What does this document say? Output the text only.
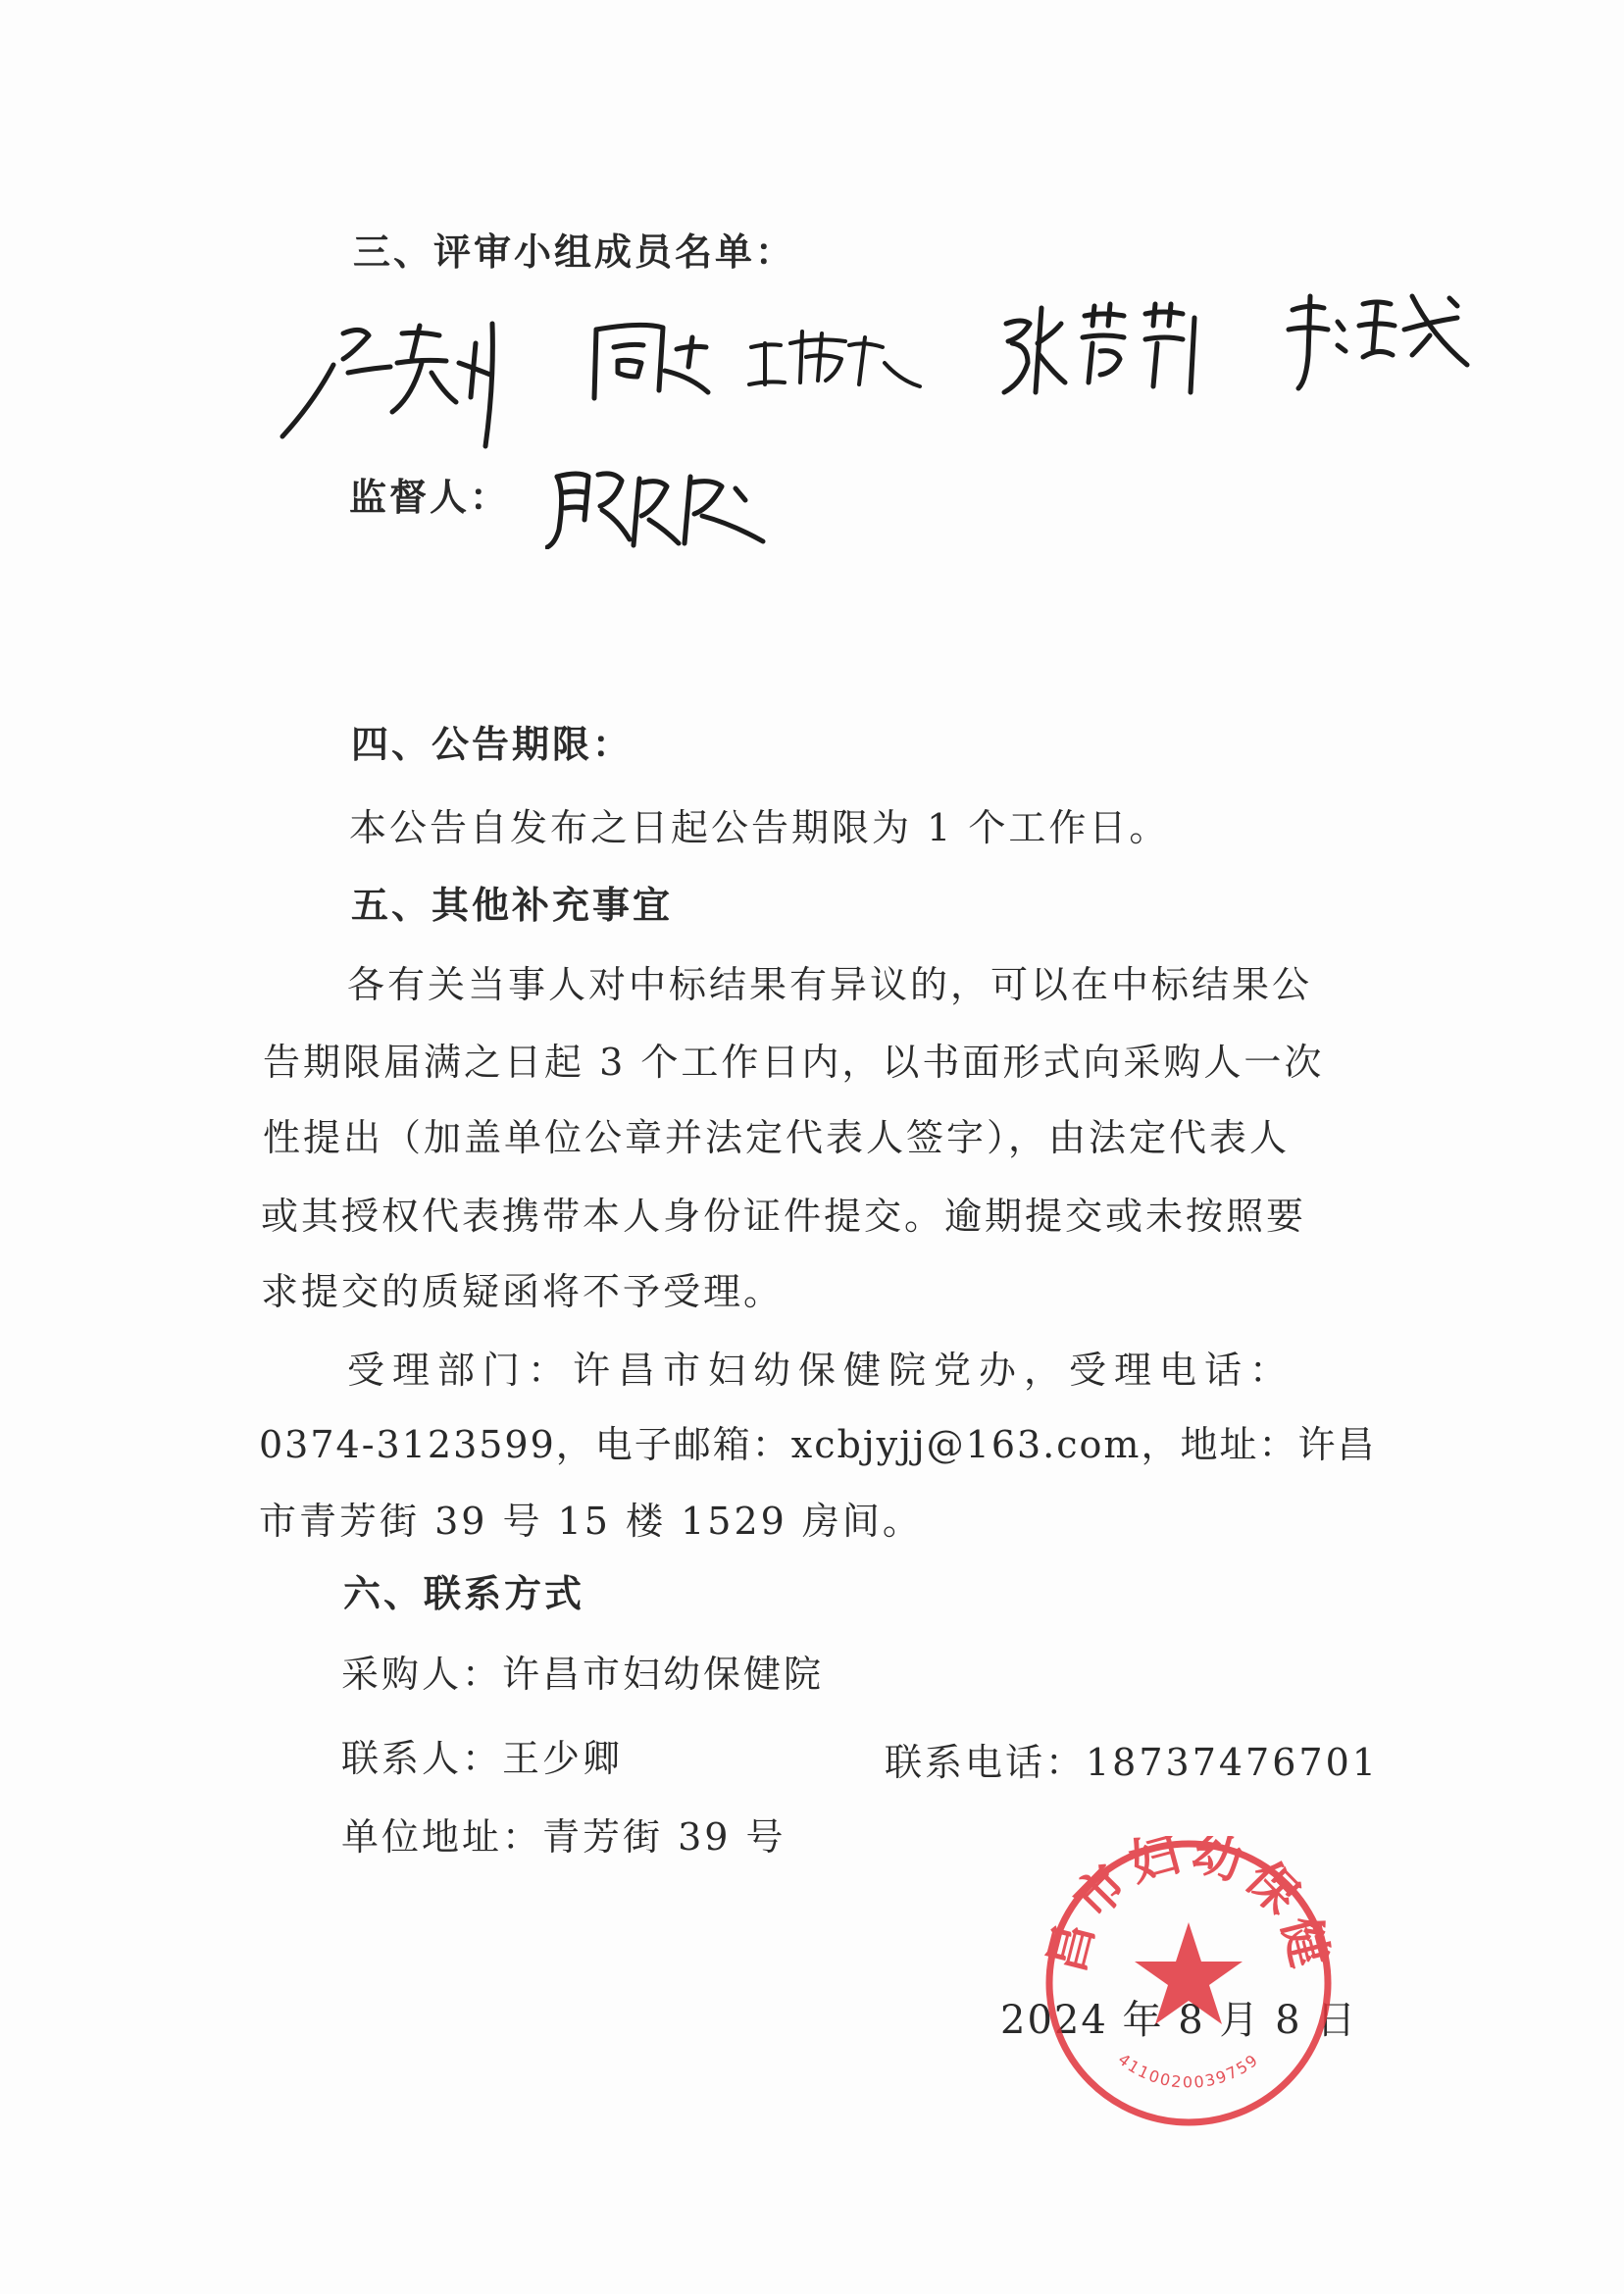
三、评审小组成员名单：
监督人：
四、公告期限：
本公告自发布之日起公告期限为 1 个工作日。
五、其他补充事宜
各有关当事人对中标结果有异议的，可以在中标结果公
告期限届满之日起 3 个工作日内，以书面形式向采购人一次
性提出（加盖单位公章并法定代表人签字），由法定代表人
或其授权代表携带本人身份证件提交。逾期提交或未按照要
求提交的质疑函将不予受理。
受理部门：许昌市妇幼保健院党办，受理电话：
0374-3123599，电子邮箱：xcbjyjj@163.com，地址：许昌
市青芳街 39 号 15 楼 1529 房间。
六、联系方式
采购人：许昌市妇幼保健院
联系人：王少卿	联系电话：18737476701
单位地址：青芳街 39 号
2024 年 8 月 8 日
昌市妇幼保健
4110020039759
